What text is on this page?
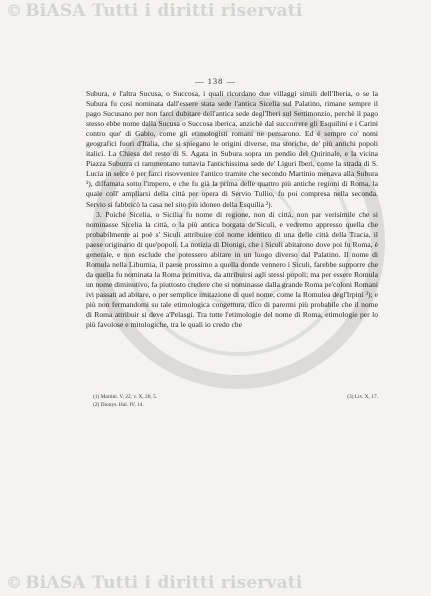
© BiASA Tutti i diritti riservati
— 138 —

Subura, e l'altra Sucusa, o Succosa, i quali ricordano due villaggi simili dell'Iberia, o se la Subura fu così nominata dall'essere stata sede l'antica Sicelia sul Palatino, rimane sempre il pago Sucusano per non farci dubitare dell'antica sede degl'Iberi sul Settimonzio, perchè il pago stesso ebbe nome dalla Sucusa o Succosa iberica, anzichè dal succorrere gli Esquilini e i Carini contro que' di Gabio, come gli etimologisti romani ne pensarono. Ed è sempre co' nomi geografici fuori d'Italia, che si spiegano le origini diverse, ma storiche, de' più antichi popoli italici. La Chiesa del resto di S. Agata in Subura sopra un pendio del Quirinale, e la vicina Piazza Suburra ci rammentano tuttavia l'antichissima sede de' Liguri Iberi, come la strada di S. Lucia in selce è per farci risovvenire l'antico tramite che secondo Martinio menava alla Subura ¹), diffamata sotto l'impero, e che fu già la prima delle quattro più antiche regioni di Roma, la quale coll' ampliarsi della città per opera di Servio Tullio, fu poi compresa nella seconda. Servio si fabbricò la casa nel sito più idoneo della Esquilia ²).

3. Poichè Sicelia, o Sicilia fu nome di regione, non di città, non par verisimile che si nominasse Sicelia la città, o la più antica borgata de'Siculi, e vedremo appresso quella che probabilmente ai poè s' Siculi attribuire col nome identico di una delle città della Tracia, il paese originario di que'popoli. La notizia di Dionigi, che i Siculi abitarono dove poi fu Roma, è generale, e non esclude che potessero abitare in un luogo diverso dal Palatino. Il nome di Romula nella Liburnia, il paese prossimo a quella donde vennero i Siculi, farebbe supporre che da quella fu nominata la Roma primitiva, da attribuirsi agli stessi popoli; ma per essere Romula un nome diminutivo, fa piuttosto credere che si nominasse dalla grande Roma pe'coloni Romani ivi passati ad abitare, o per semplice imitazione di quel nome, come la Romulea degl'Irpini ³); e più non fermandomi su tale etimologica congettura, dico di parermi più probabile che il nome di Roma attribuir si deve a'Pelasgi. Tra tutte l'etimologie del nome di Roma, etimologie per lo più favolose e mitologiche, tra le quali io credo che

(1) Martini. V, 22, v. X, 20, 5.	(3) Liv. X, 17.
(2) Dionys. Hal. IV, 14.
© BiASA Tutti i diritti riservati
